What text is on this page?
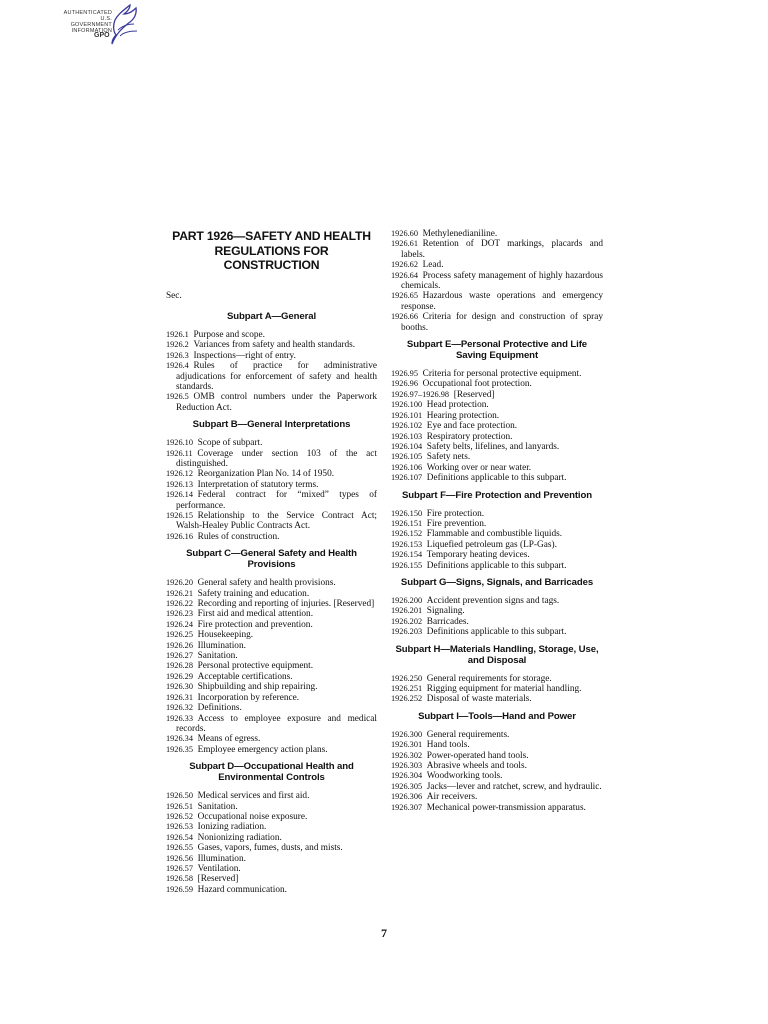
AUTHENTICATED
U.S. GOVERNMENT
INFORMATION
GPO
PART 1926—SAFETY AND HEALTH REGULATIONS FOR CONSTRUCTION
Sec.
Subpart A—General

1926.1  Purpose and scope.

1926.2  Variances from safety and health standards.

1926.3  Inspections—right of entry.

1926.4  Rules of practice for administrative adjudications for enforcement of safety and health standards.

1926.5  OMB control numbers under the Paperwork Reduction Act.

Subpart B—General Interpretations

1926.10  Scope of subpart.

1926.11  Coverage under section 103 of the act distinguished.

1926.12  Reorganization Plan No. 14 of 1950.

1926.13  Interpretation of statutory terms.

1926.14  Federal contract for “mixed” types of performance.

1926.15  Relationship to the Service Contract Act; Walsh-Healey Public Contracts Act.

1926.16  Rules of construction.

Subpart C—General Safety and Health Provisions

1926.20  General safety and health provisions.

1926.21  Safety training and education.

1926.22  Recording and reporting of injuries. [Reserved]

1926.23  First aid and medical attention.

1926.24  Fire protection and prevention.

1926.25  Housekeeping.

1926.26  Illumination.

1926.27  Sanitation.

1926.28  Personal protective equipment.

1926.29  Acceptable certifications.

1926.30  Shipbuilding and ship repairing.

1926.31  Incorporation by reference.

1926.32  Definitions.

1926.33  Access to employee exposure and medical records.

1926.34  Means of egress.

1926.35  Employee emergency action plans.

Subpart D—Occupational Health and Environmental Controls

1926.50  Medical services and first aid.

1926.51  Sanitation.

1926.52  Occupational noise exposure.

1926.53  Ionizing radiation.

1926.54  Nonionizing radiation.

1926.55  Gases, vapors, fumes, dusts, and mists.

1926.56  Illumination.

1926.57  Ventilation.

1926.58  [Reserved]

1926.59  Hazard communication.

1926.60  Methylenedianiline.

1926.61  Retention of DOT markings, placards and labels.

1926.62  Lead.

1926.64  Process safety management of highly hazardous chemicals.

1926.65  Hazardous waste operations and emergency response.

1926.66  Criteria for design and construction of spray booths.

Subpart E—Personal Protective and Life Saving Equipment

1926.95  Criteria for personal protective equipment.

1926.96  Occupational foot protection.

1926.97–1926.98  [Reserved]

1926.100  Head protection.

1926.101  Hearing protection.

1926.102  Eye and face protection.

1926.103  Respiratory protection.

1926.104  Safety belts, lifelines, and lanyards.

1926.105  Safety nets.

1926.106  Working over or near water.

1926.107  Definitions applicable to this subpart.

Subpart F—Fire Protection and Prevention

1926.150  Fire protection.

1926.151  Fire prevention.

1926.152  Flammable and combustible liquids.

1926.153  Liquefied petroleum gas (LP-Gas).

1926.154  Temporary heating devices.

1926.155  Definitions applicable to this subpart.

Subpart G—Signs, Signals, and Barricades

1926.200  Accident prevention signs and tags.

1926.201  Signaling.

1926.202  Barricades.

1926.203  Definitions applicable to this subpart.

Subpart H—Materials Handling, Storage, Use, and Disposal

1926.250  General requirements for storage.

1926.251  Rigging equipment for material handling.

1926.252  Disposal of waste materials.

Subpart I—Tools—Hand and Power

1926.300  General requirements.

1926.301  Hand tools.

1926.302  Power-operated hand tools.

1926.303  Abrasive wheels and tools.

1926.304  Woodworking tools.

1926.305  Jacks—lever and ratchet, screw, and hydraulic.

1926.306  Air receivers.

1926.307  Mechanical power-transmission apparatus.

7
